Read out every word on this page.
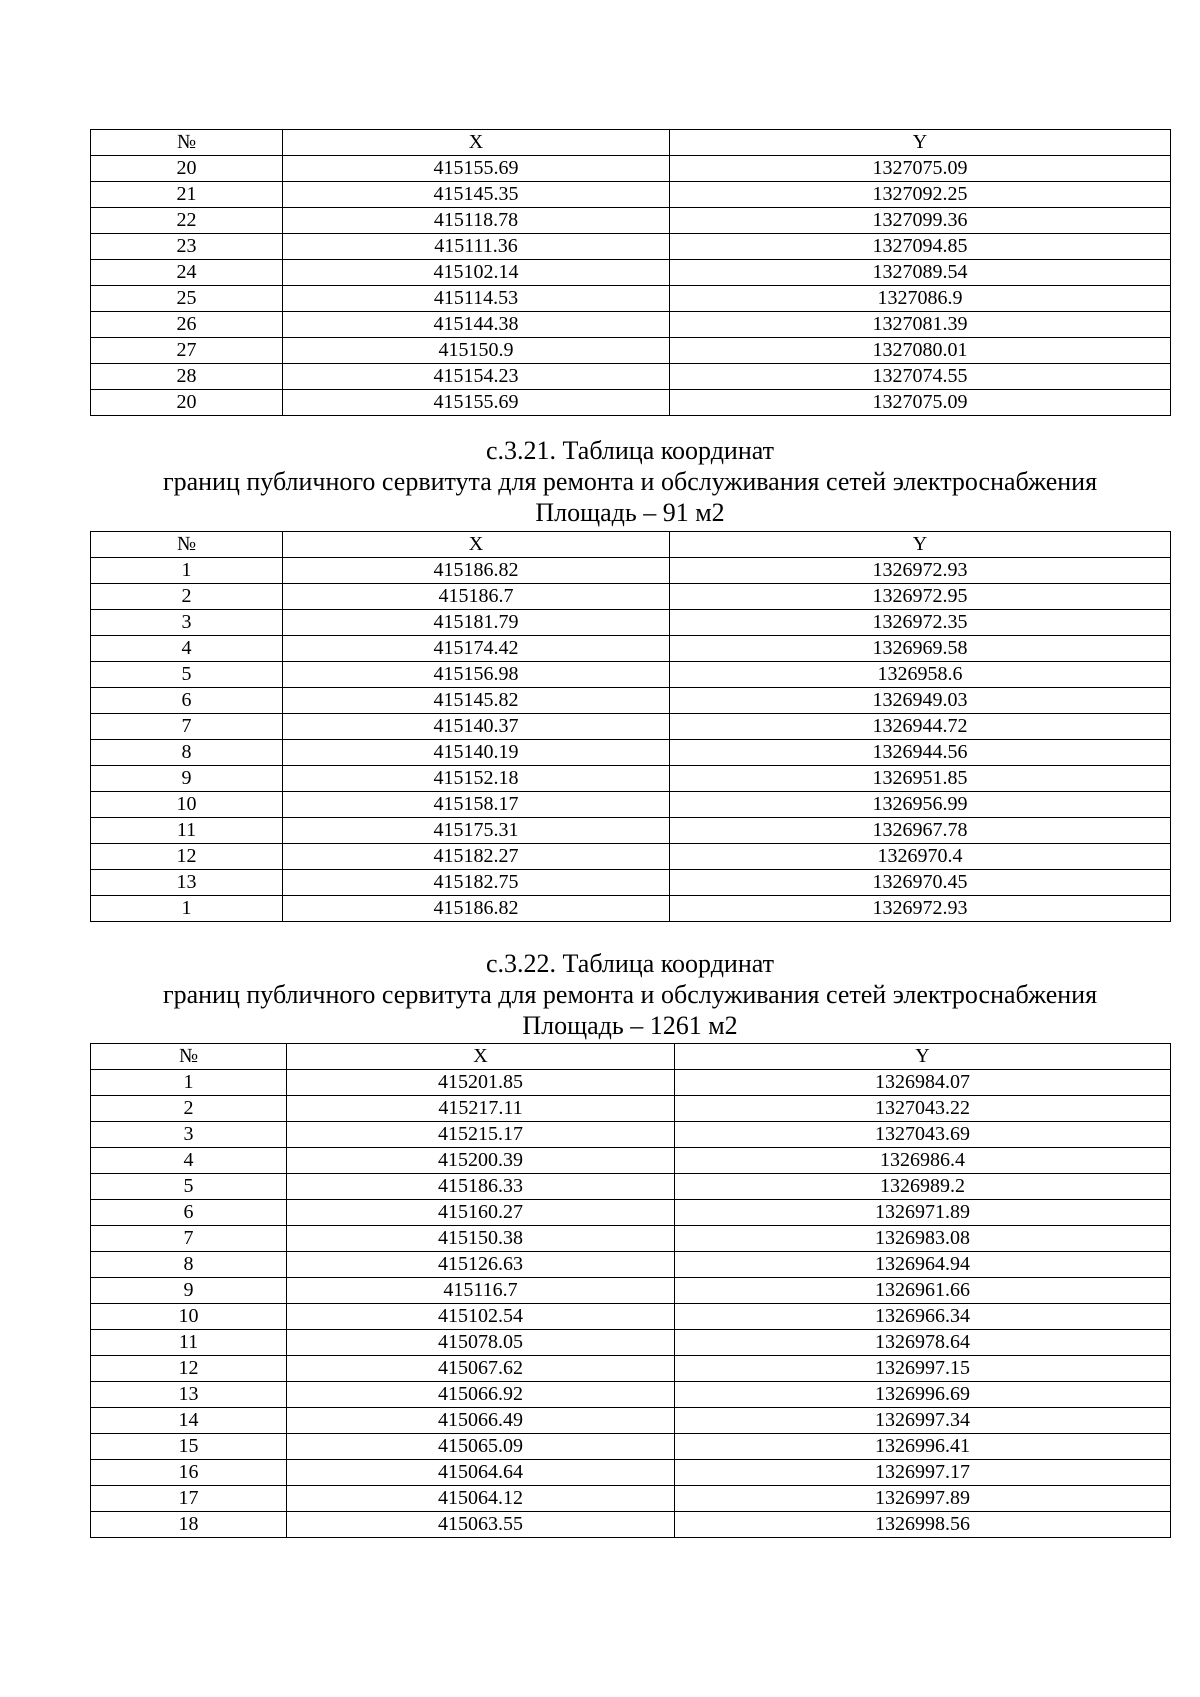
№	X	Y
20	415155.69	1327075.09
21	415145.35	1327092.25
22	415118.78	1327099.36
23	415111.36	1327094.85
24	415102.14	1327089.54
25	415114.53	1327086.9
26	415144.38	1327081.39
27	415150.9	1327080.01
28	415154.23	1327074.55
20	415155.69	1327075.09
с.3.21. Таблица координат
границ публичного сервитута для ремонта и обслуживания сетей электроснабжения
Площадь – 91 м2
№	X	Y
1	415186.82	1326972.93
2	415186.7	1326972.95
3	415181.79	1326972.35
4	415174.42	1326969.58
5	415156.98	1326958.6
6	415145.82	1326949.03
7	415140.37	1326944.72
8	415140.19	1326944.56
9	415152.18	1326951.85
10	415158.17	1326956.99
11	415175.31	1326967.78
12	415182.27	1326970.4
13	415182.75	1326970.45
1	415186.82	1326972.93
с.3.22. Таблица координат
границ публичного сервитута для ремонта и обслуживания сетей электроснабжения
Площадь – 1261 м2
№	X	Y
1	415201.85	1326984.07
2	415217.11	1327043.22
3	415215.17	1327043.69
4	415200.39	1326986.4
5	415186.33	1326989.2
6	415160.27	1326971.89
7	415150.38	1326983.08
8	415126.63	1326964.94
9	415116.7	1326961.66
10	415102.54	1326966.34
11	415078.05	1326978.64
12	415067.62	1326997.15
13	415066.92	1326996.69
14	415066.49	1326997.34
15	415065.09	1326996.41
16	415064.64	1326997.17
17	415064.12	1326997.89
18	415063.55	1326998.56
